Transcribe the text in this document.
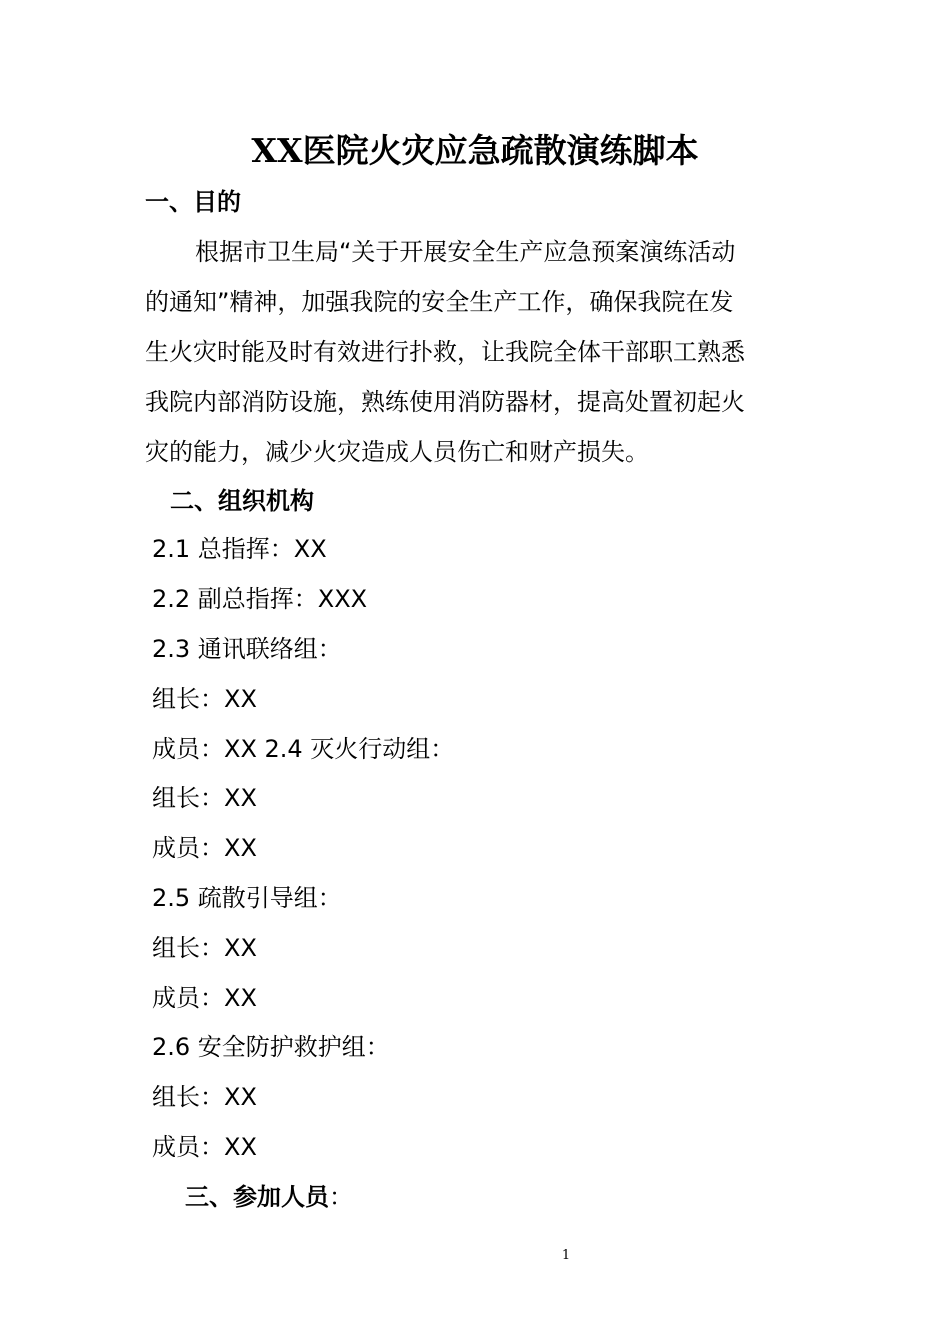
XX医院火灾应急疏散演练脚本
一、目的
根据市卫生局“关于开展安全生产应急预案演练活动
的通知”精神，加强我院的安全生产工作，确保我院在发
生火灾时能及时有效进行扑救，让我院全体干部职工熟悉
我院内部消防设施，熟练使用消防器材，提高处置初起火
灾的能力，减少火灾造成人员伤亡和财产损失。
二、组织机构
2.1 总指挥：XX
2.2 副总指挥：XXX
2.3 通讯联络组：
组长：XX
成员：XX 2.4 灭火行动组：
组长：XX
成员：XX
2.5 疏散引导组：
组长：XX
成员：XX
2.6 安全防护救护组：
组长：XX
成员：XX
三、参加人员：
1
